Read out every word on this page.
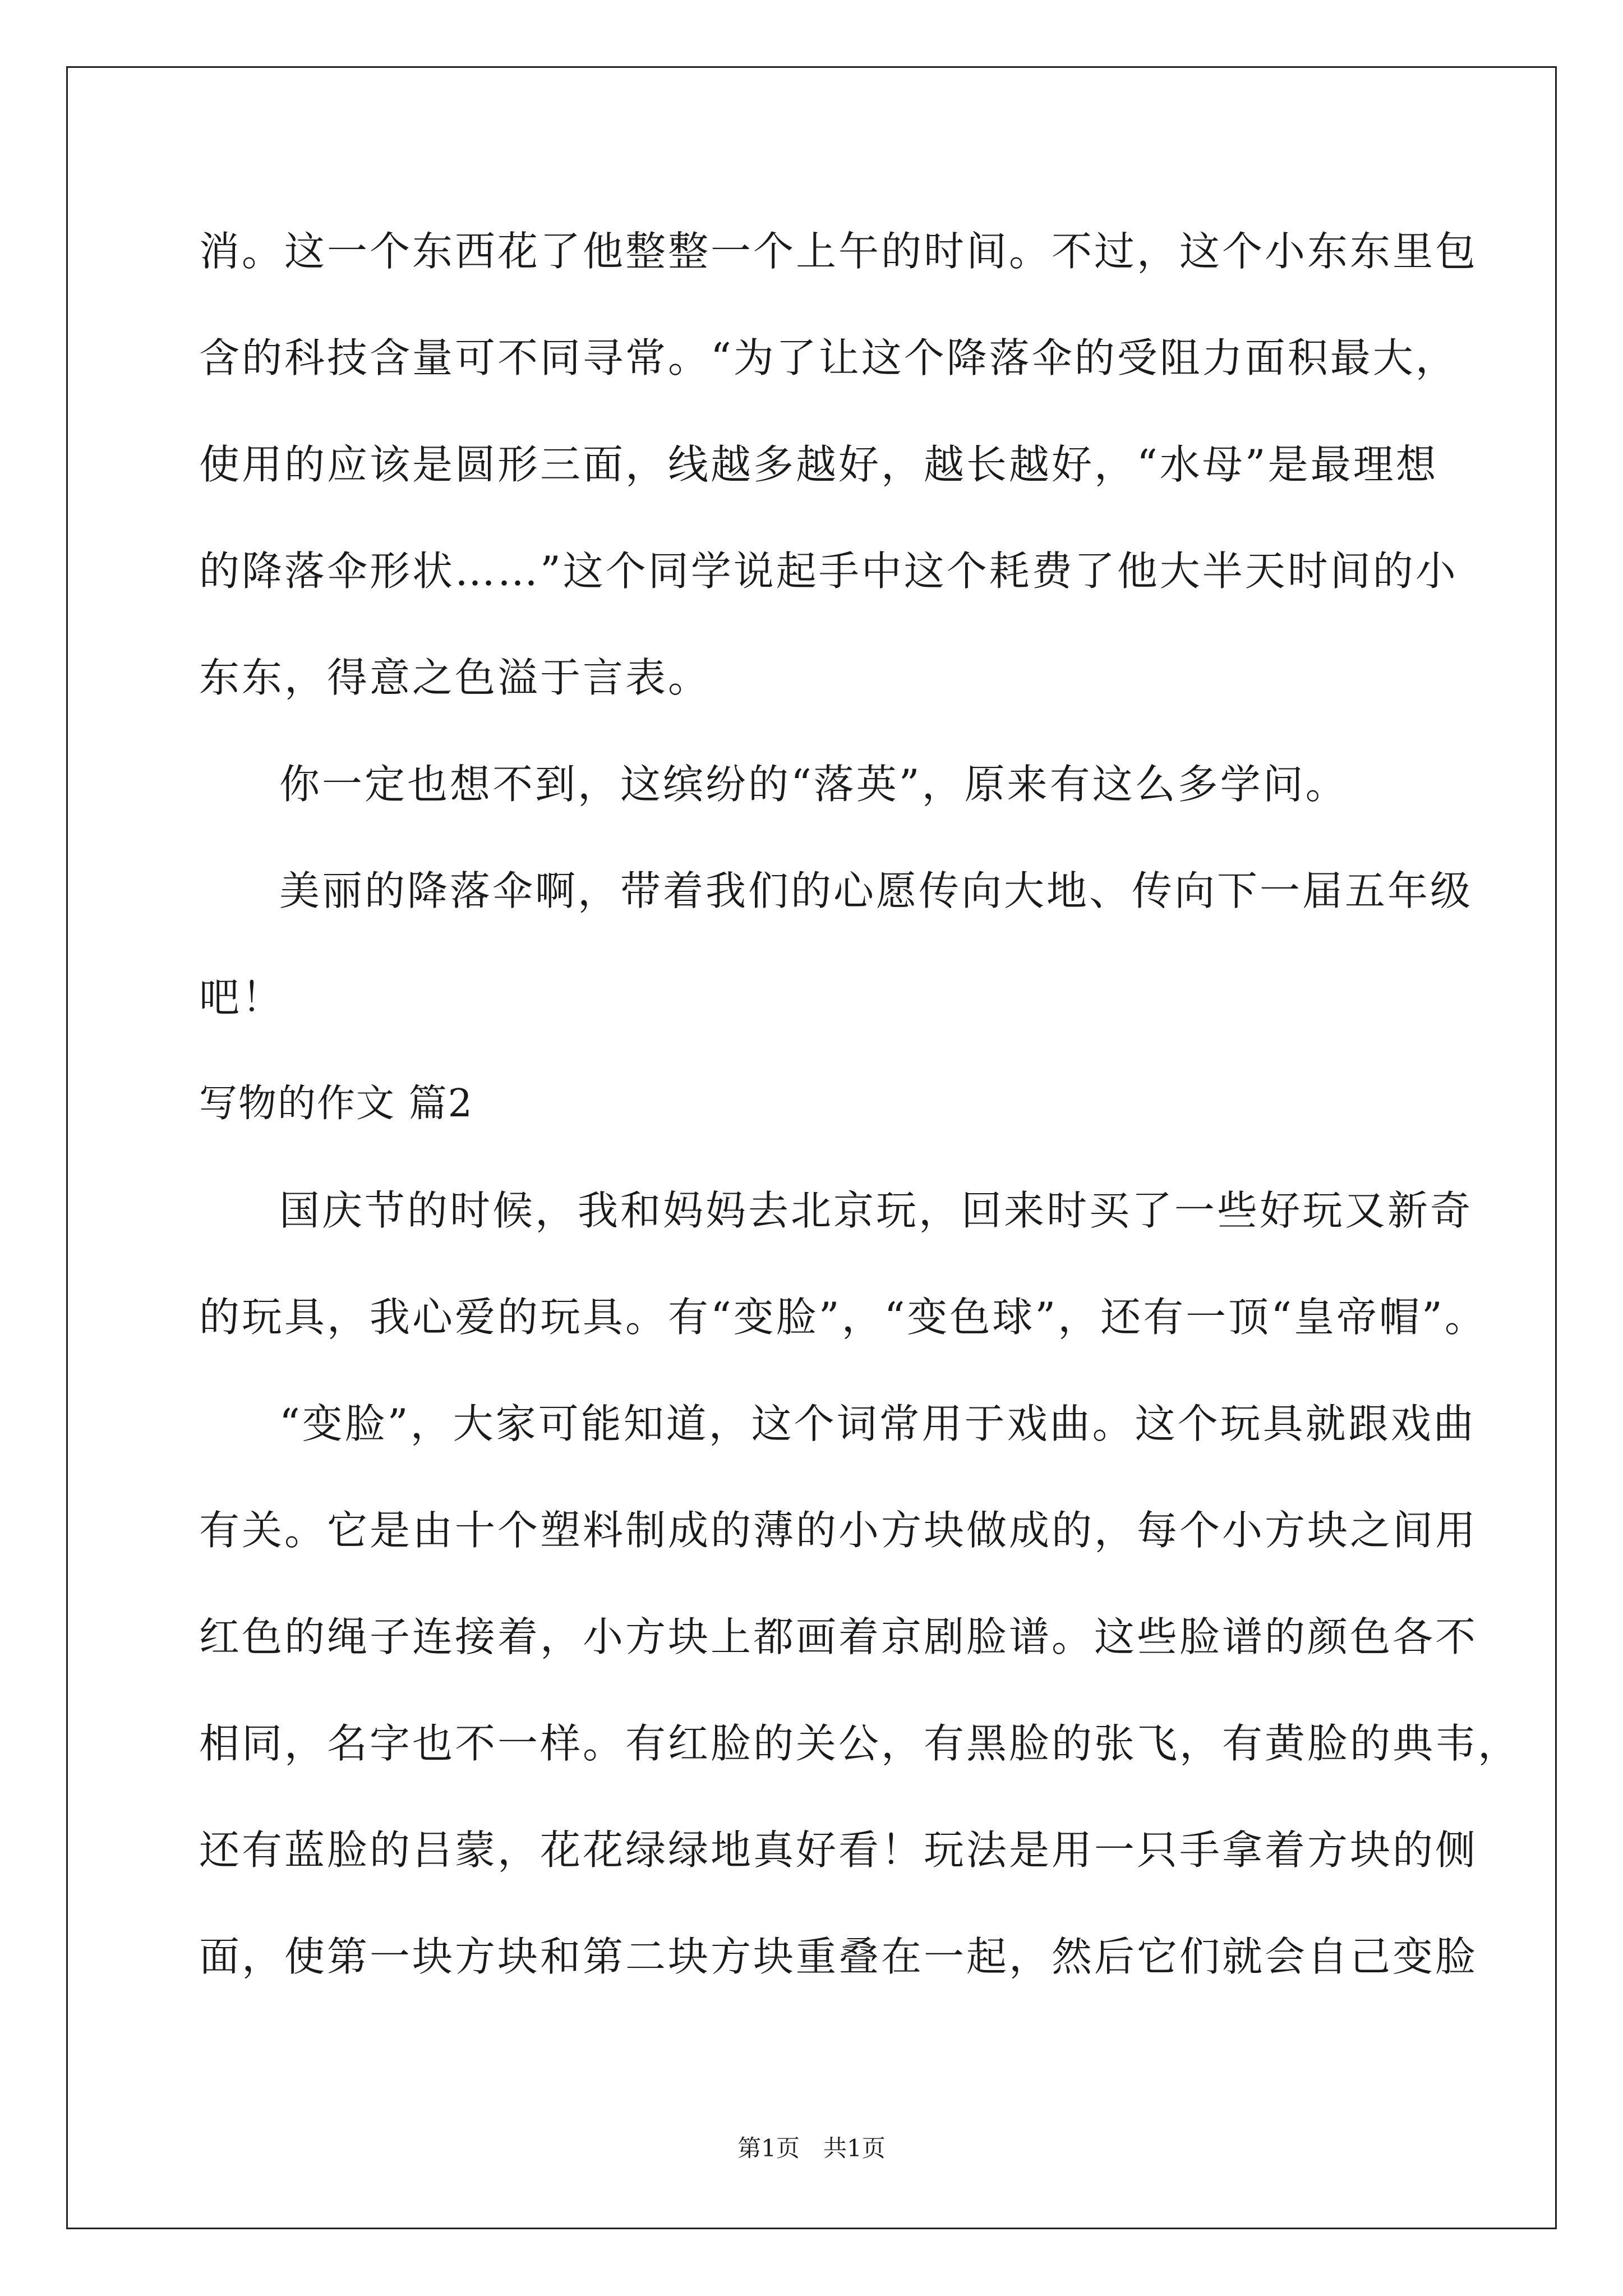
消。这一个东西花了他整整一个上午的时间。不过，这个小东东里包

含的科技含量可不同寻常。“为了让这个降落伞的受阻力面积最大，

使用的应该是圆形三面，线越多越好，越长越好，“水母”是最理想

的降落伞形状……”这个同学说起手中这个耗费了他大半天时间的小

东东，得意之色溢于言表。

你一定也想不到，这缤纷的“落英”，原来有这么多学问。

美丽的降落伞啊，带着我们的心愿传向大地、传向下一届五年级

吧！

写物的作文 篇2

国庆节的时候，我和妈妈去北京玩，回来时买了一些好玩又新奇

的玩具，我心爱的玩具。有“变脸”，“变色球”，还有一顶“皇帝帽”。

“变脸”，大家可能知道，这个词常用于戏曲。这个玩具就跟戏曲

有关。它是由十个塑料制成的薄的小方块做成的，每个小方块之间用

红色的绳子连接着，小方块上都画着京剧脸谱。这些脸谱的颜色各不

相同，名字也不一样。有红脸的关公，有黑脸的张飞，有黄脸的典韦，

还有蓝脸的吕蒙，花花绿绿地真好看！玩法是用一只手拿着方块的侧

面，使第一块方块和第二块方块重叠在一起，然后它们就会自己变脸

第1页　共1页
